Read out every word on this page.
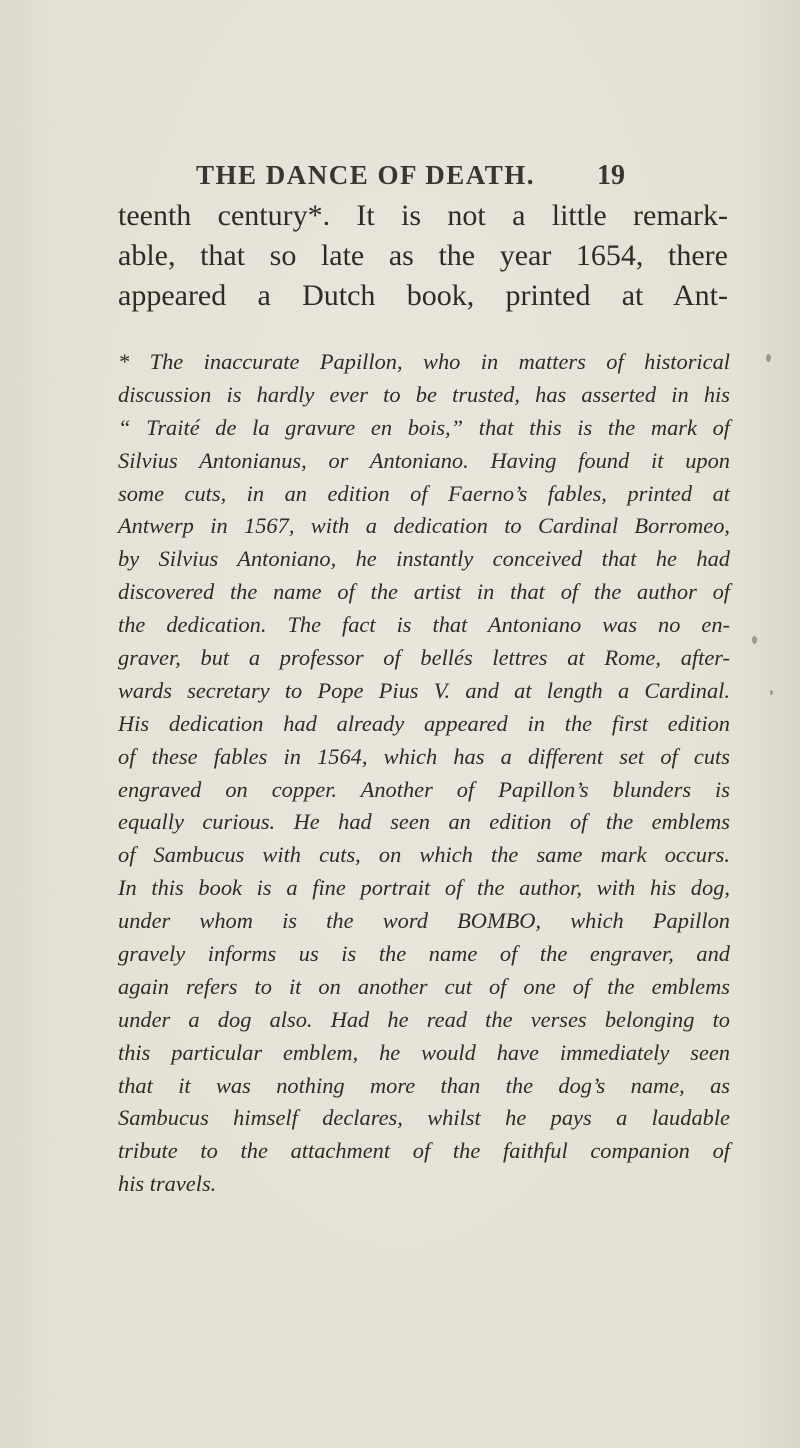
THE DANCE OF DEATH. 19
teenth century*. It is not a little remark-
able, that so late as the year 1654, there
appeared a Dutch book, printed at Ant-
* The inaccurate Papillon, who in matters of historical
discussion is hardly ever to be trusted, has asserted in his
“ Traité de la gravure en bois,” that this is the mark of
Silvius Antonianus, or Antoniano. Having found it upon
some cuts, in an edition of Faerno’s fables, printed at
Antwerp in 1567, with a dedication to Cardinal Borromeo,
by Silvius Antoniano, he instantly conceived that he had
discovered the name of the artist in that of the author of
the dedication. The fact is that Antoniano was no en-
graver, but a professor of bellés lettres at Rome, after-
wards secretary to Pope Pius V. and at length a Cardinal.
His dedication had already appeared in the first edition
of these fables in 1564, which has a different set of cuts
engraved on copper. Another of Papillon’s blunders is
equally curious. He had seen an edition of the emblems
of Sambucus with cuts, on which the same mark occurs.
In this book is a fine portrait of the author, with his dog,
under whom is the word BOMBO, which Papillon
gravely informs us is the name of the engraver, and
again refers to it on another cut of one of the emblems
under a dog also. Had he read the verses belonging to
this particular emblem, he would have immediately seen
that it was nothing more than the dog’s name, as
Sambucus himself declares, whilst he pays a laudable
tribute to the attachment of the faithful companion of
his travels.
